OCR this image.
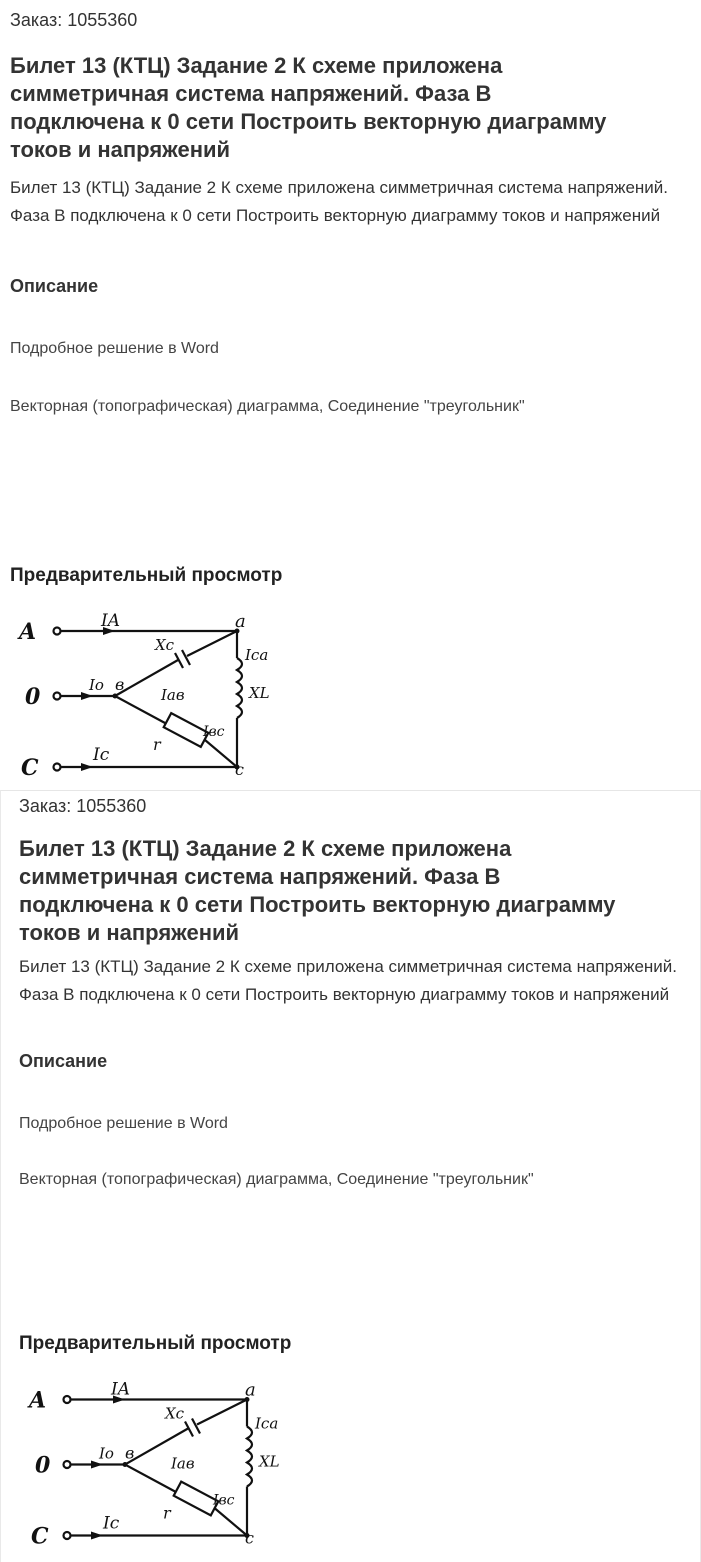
Заказ: 1055360
Билет 13 (КТЦ) Задание 2 К схеме приложена симметричная система напряжений. Фаза В подключена к 0 сети Построить векторную диаграмму токов и напряжений

Билет 13 (КТЦ) Задание 2 К схеме приложена симметричная система напряжений. Фаза В подключена к 0 сети Построить векторную диаграмму токов и напряжений

Описание

Подробное решение в Word

Векторная (топографическая) диаграмма, Соединение "треугольник"

Предварительный просмотр
A
0
C
IA
Io в
Ic
a
c
Xc
Ica
Iaв	XL
r
Iвc
Заказ: 1055360
Билет 13 (КТЦ) Задание 2 К схеме приложена симметричная система напряжений. Фаза В подключена к 0 сети Построить векторную диаграмму токов и напряжений

Билет 13 (КТЦ) Задание 2 К схеме приложена симметричная система напряжений. Фаза В подключена к 0 сети Построить векторную диаграмму токов и напряжений

Описание

Подробное решение в Word

Векторная (топографическая) диаграмма, Соединение "треугольник"

Предварительный просмотр
A
0
C
IA
Io в
Ic
a
c
Xc
Ica
Iaв	XL
r
Iвc
